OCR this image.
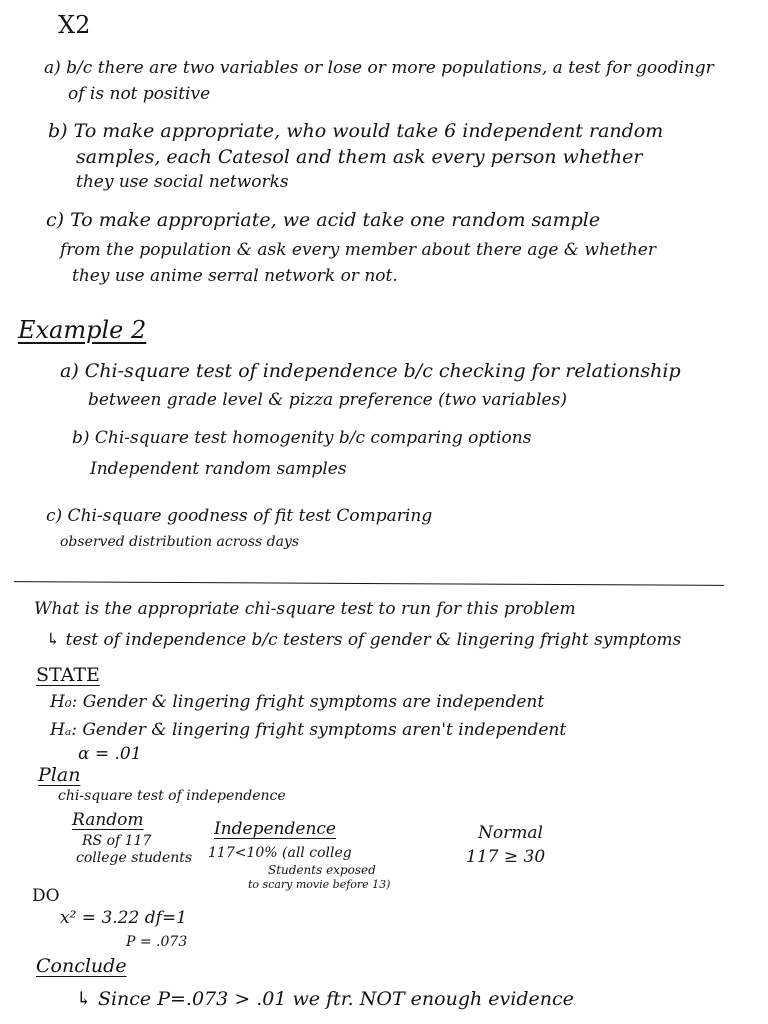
X2
a) b/c there are two variables or lose or more populations, a test for goodingr
of is not positive
b) To make appropriate, who would take 6 independent random
samples, each Catesol and them ask every person whether
they use social networks
c) To make appropriate, we acid take one random sample
from the population & ask every member about there age & whether
they use anime serral network or not.
Example 2
a) Chi-square test of independence b/c checking for relationship
between grade level & pizza preference (two variables)
b) Chi-square test homogenity b/c comparing options
Independent random samples
c) Chi-square goodness of fit test Comparing
observed distribution across days
What is the appropriate chi-square test to run for this problem
↳ test of independence b/c testers of gender & lingering fright symptoms
STATE
H₀: Gender & lingering fright symptoms are independent
Hₐ: Gender & lingering fright symptoms aren't independent
α = .01
Plan
chi-square test of independence
Random
RS of 117
college students
Independence
117<10% (all colleg
Students exposed
to scary movie before 13)
Normal
117 ≥ 30
DO
x² = 3.22 df=1
P = .073
Conclude
↳ Since P=.073 > .01 we ftr. NOT enough evidence
